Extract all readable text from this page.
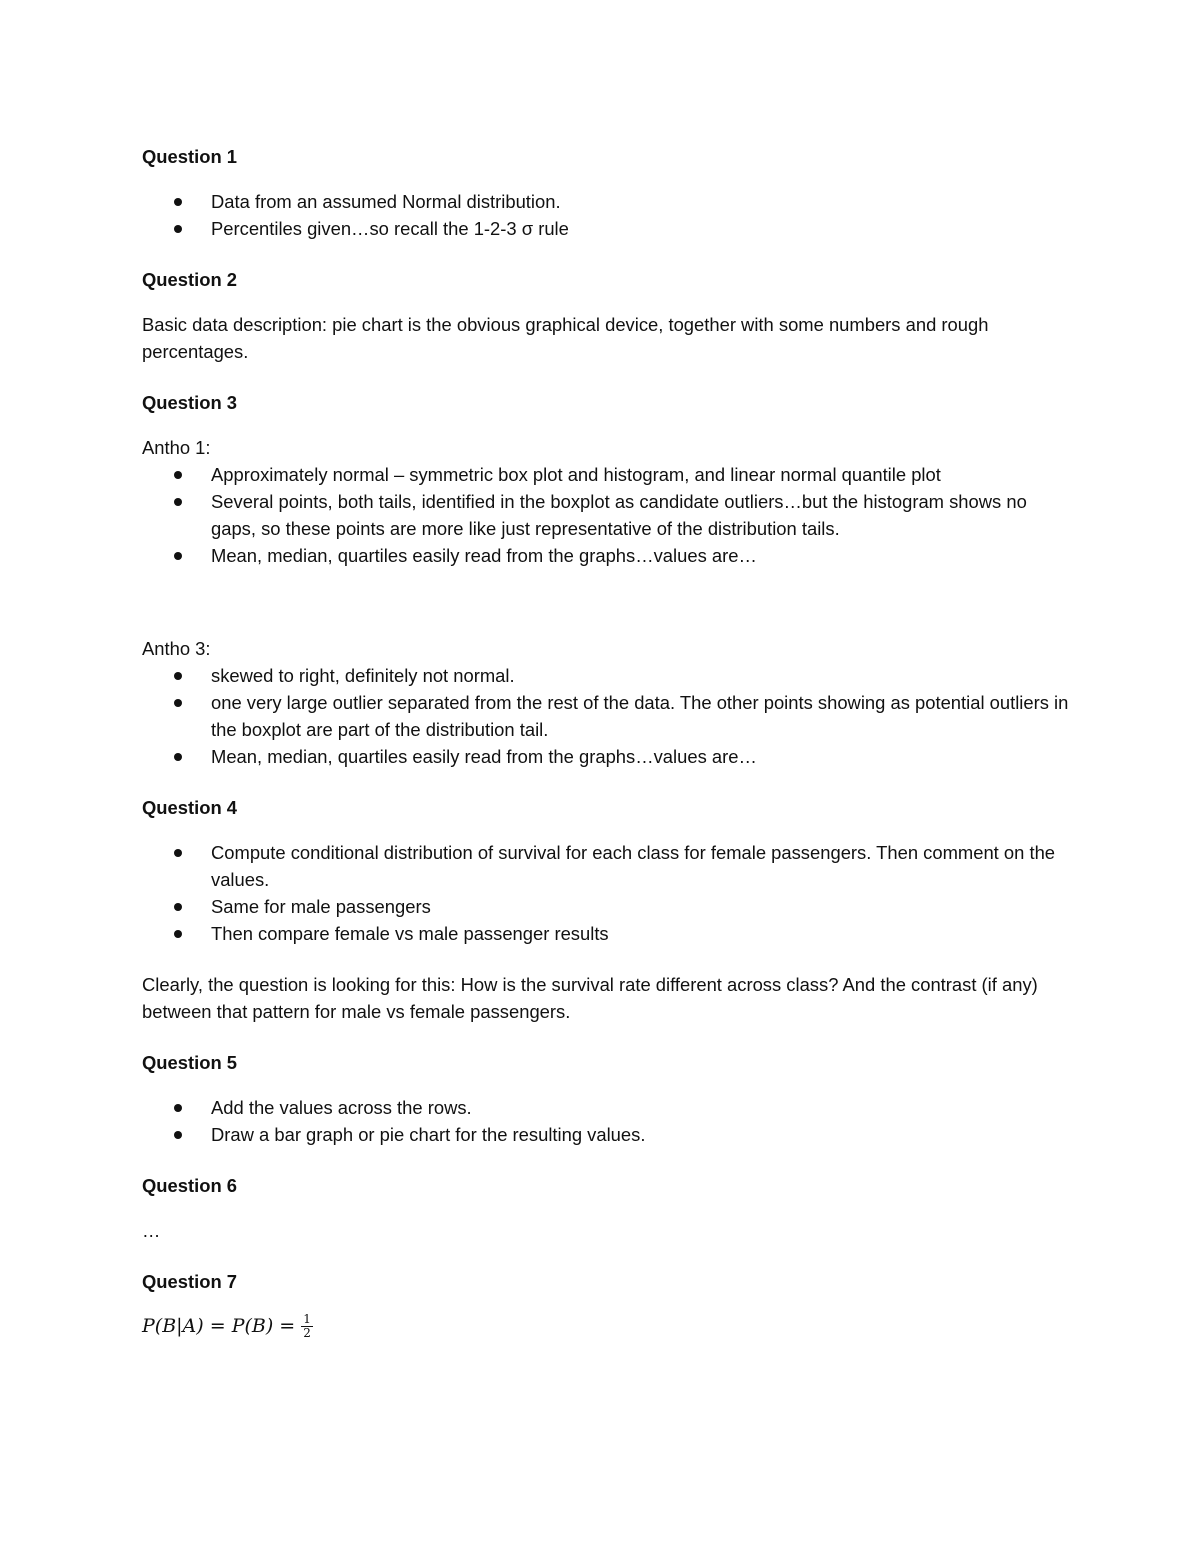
Question 1
Data from an assumed Normal distribution.
Percentiles given…so recall the 1-2-3 σ rule
Question 2
Basic data description: pie chart is the obvious graphical device, together with some numbers and rough percentages.
Question 3
Antho 1:
Approximately normal – symmetric box plot and histogram, and linear normal quantile plot
Several points, both tails, identified in the boxplot as candidate outliers…but the histogram shows no gaps, so these points are more like just representative of the distribution tails.
Mean, median, quartiles easily read from the graphs…values are…
Antho 3:
skewed to right, definitely not normal.
one very large outlier separated from the rest of the data. The other points showing as potential outliers in the boxplot are part of the distribution tail.
Mean, median, quartiles easily read from the graphs…values are…
Question 4
Compute conditional distribution of survival for each class for female passengers. Then comment on the values.
Same for male passengers
Then compare female vs male passenger results
Clearly, the question is looking for this: How is the survival rate different across class? And the contrast (if any) between that pattern for male vs female passengers.
Question 5
Add the values across the rows.
Draw a bar graph or pie chart for the resulting values.
Question 6
…
Question 7
$P(B|A) = P(B) = \frac{1}{2}$
